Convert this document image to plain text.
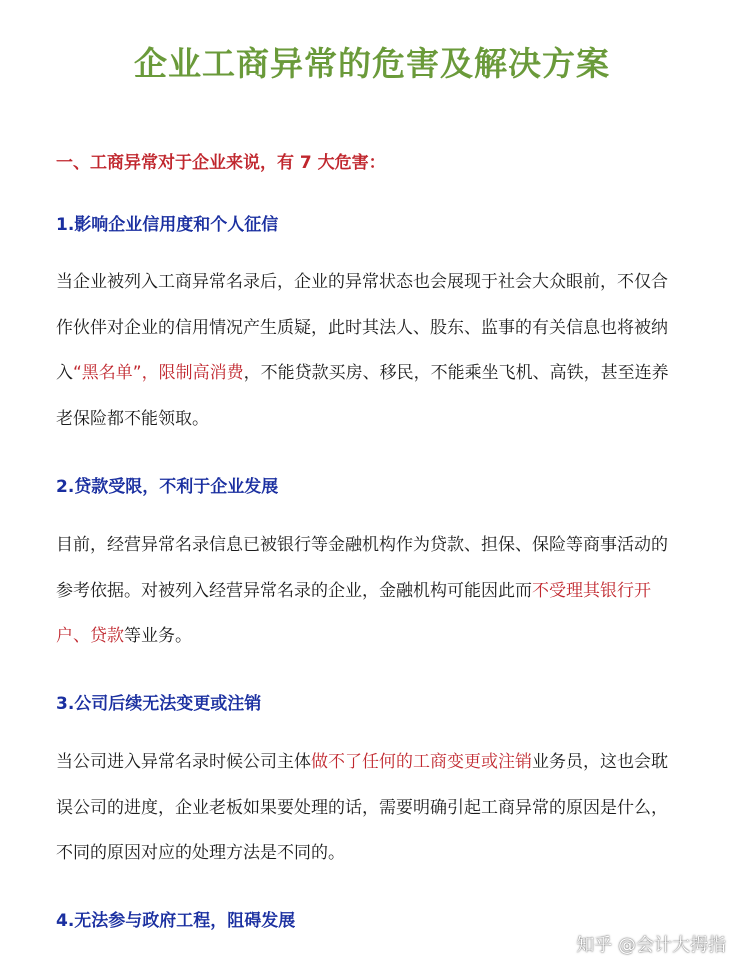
企业工商异常的危害及解决方案
一、工商异常对于企业来说，有 7 大危害：
1.影响企业信用度和个人征信

当企业被列入工商异常名录后，企业的异常状态也会展现于社会大众眼前，不仅合作伙伴对企业的信用情况产生质疑，此时其法人、股东、监事的有关信息也将被纳入“黑名单”，限制高消费，不能贷款买房、移民，不能乘坐飞机、高铁，甚至连养老保险都不能领取。

2.贷款受限，不利于企业发展

目前，经营异常名录信息已被银行等金融机构作为贷款、担保、保险等商事活动的参考依据。对被列入经营异常名录的企业，金融机构可能因此而不受理其银行开户、贷款等业务。

3.公司后续无法变更或注销

当公司进入异常名录时候公司主体做不了任何的工商变更或注销业务员，这也会耽误公司的进度，企业老板如果要处理的话，需要明确引起工商异常的原因是什么，不同的原因对应的处理方法是不同的。

4.无法参与政府工程，阻碍发展
知乎 @会计大拇指
